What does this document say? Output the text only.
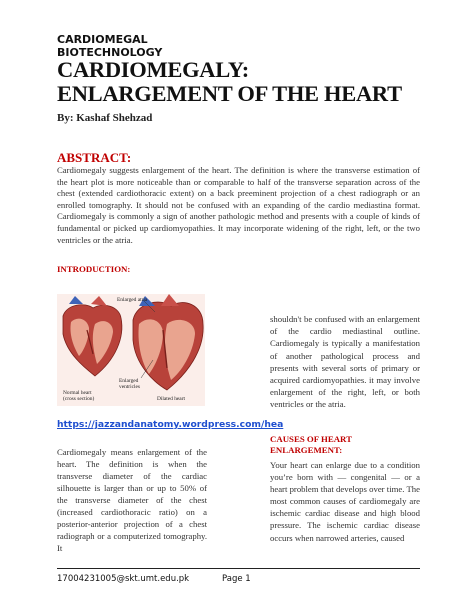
CARDIOMEGAL
BIOTECHNOLOGY
CARDIOMEGALY: ENLARGEMENT OF THE HEART
By: Kashaf Shehzad
ABSTRACT:
Cardiomegaly suggests enlargement of the heart. The definition is where the transverse estimation of the heart plot is more noticeable than or comparable to half of the transverse separation across of the chest (extended cardiothoracic extent) on a back preeminent projection of a chest radiograph or an enrolled tomography. It should not be confused with an expanding of the cardio mediastina format. Cardiomegaly is commonly a sign of another pathologic method and presents with a couple of kinds of fundamental or picked up cardiomyopathies. It may incorporate widening of the right, left, or the two ventricles or the atria.
INTRODUCTION:
Enlarged atria
Enlarged
ventricles
Normal heart
(cross section)	Dilated heart
https://jazzandanatomy.wordpress.com/hea
Cardiomegaly means enlargement of the heart. The definition is when the transverse diameter of the cardiac silhouette is larger than or up to 50% of the transverse diameter of the chest (increased cardiothoracic ratio) on a posterior-anterior projection of a chest radiograph or a computerized tomography. It
shouldn't be confused with an enlargement of the cardio mediastinal outline. Cardiomegaly is typically a manifestation of another pathological process and presents with several sorts of primary or acquired cardiomyopathies. it may involve enlargement of the right, left, or both ventricles or the atria.
CAUSES OF HEART ENLARGEMENT:
Your heart can enlarge due to a condition you’re born with — congenital — or a heart problem that develops over time. The most common causes of cardiomegaly are ischemic cardiac disease and high blood pressure. The ischemic cardiac disease occurs when narrowed arteries, caused
17004231005@skt.umt.edu.pk	Page 1
